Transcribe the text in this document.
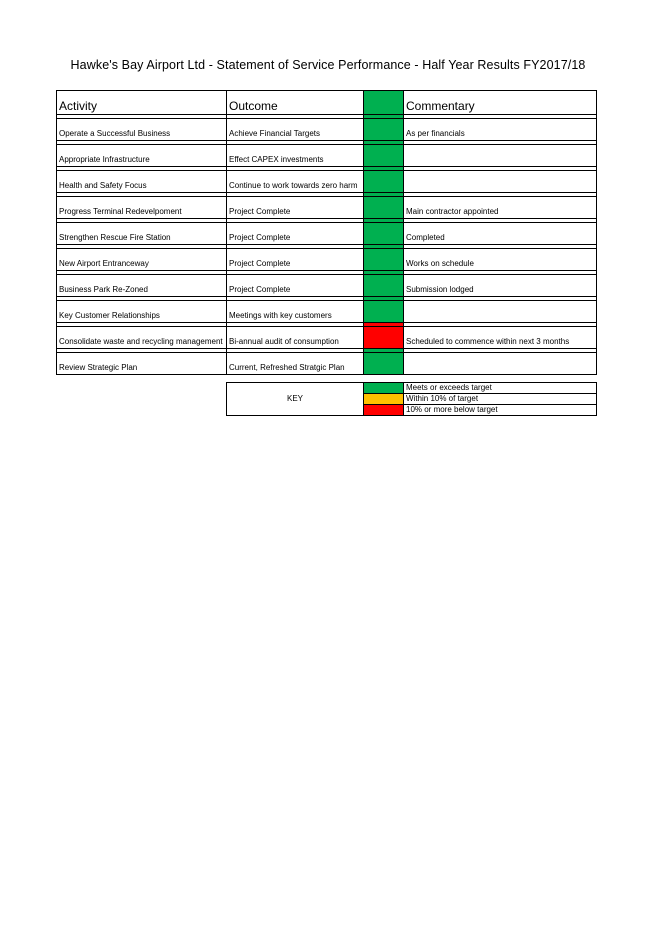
Hawke's Bay Airport Ltd - Statement of Service Performance - Half Year Results FY2017/18
Activity	Outcome		Commentary

Operate a Successful Business	Achieve Financial Targets		As per financials

Appropriate Infrastructure	Effect CAPEX investments		

Health and Safety Focus	Continue to work towards zero harm		

Progress Terminal Redevelpoment	Project Complete		Main contractor appointed

Strengthen Rescue Fire Station	Project Complete		Completed

New Airport Entranceway	Project Complete		Works on schedule

Business Park Re-Zoned	Project Complete		Submission lodged

Key Customer Relationships	Meetings with key customers		

Consolidate waste and recycling management	Bi-annual audit of consumption		Scheduled to commence within next 3 months

Review Strategic Plan	Current, Refreshed Stratgic Plan		

KEY		Meets or exceeds target
		Within 10% of target
		10% or more below target
